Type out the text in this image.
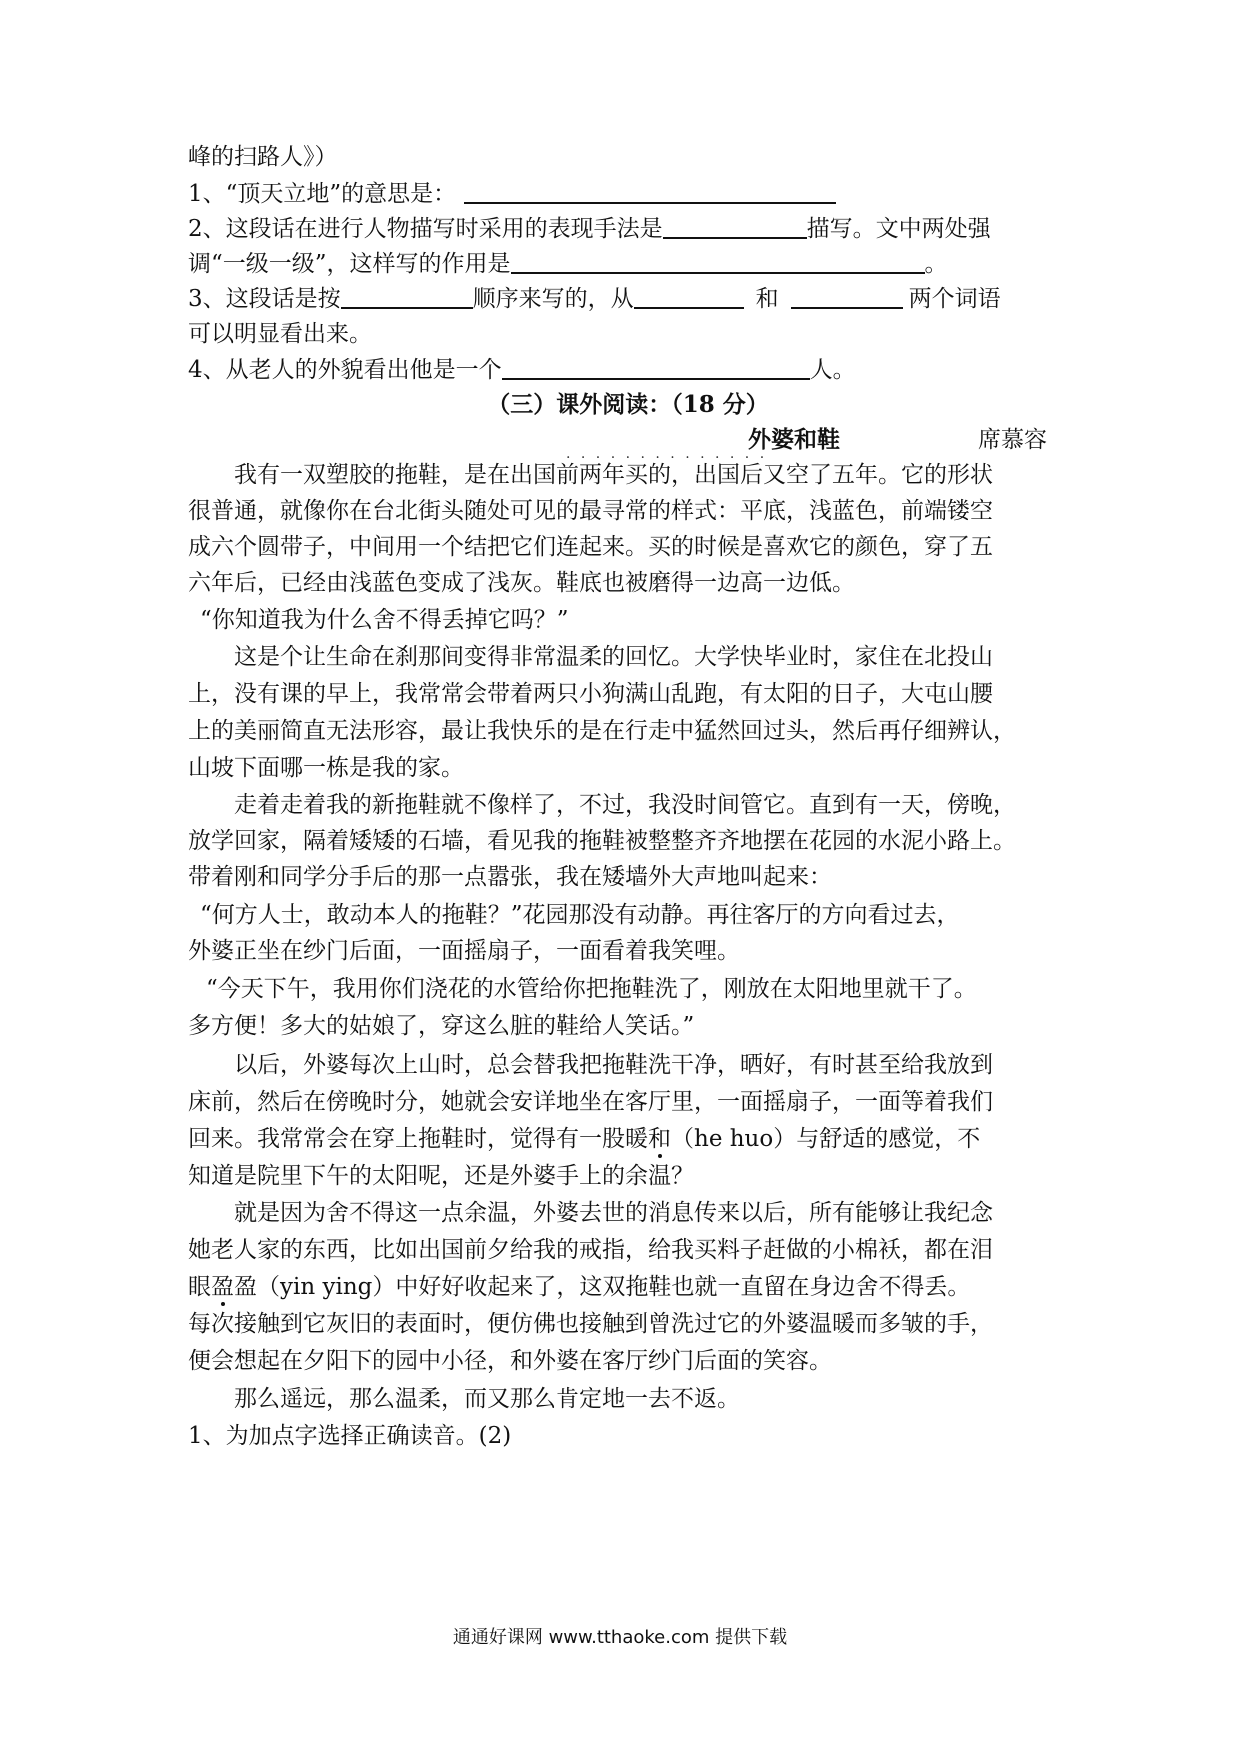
峰的扫路人》）
1、“顶天立地”的意思是：
2、这段话在进行人物描写时采用的表现手法是	描写。文中两处强
调“一级一级”，这样写的作用是	。
3、这段话是按	顺序来写的，从	和	两个词语
可以明显看出来。
4、从老人的外貌看出他是一个	人。
（三）课外阅读：（18 分）
. . . . . . . . . . . . . .
外婆和鞋	席慕容
我有一双塑胶的拖鞋，是在出国前两年买的，出国后又空了五年。它的形状
很普通，就像你在台北街头随处可见的最寻常的样式：平底，浅蓝色，前端镂空
成六个圆带子，中间用一个结把它们连起来。买的时候是喜欢它的颜色，穿了五
六年后，已经由浅蓝色变成了浅灰。鞋底也被磨得一边高一边低。
“你知道我为什么舍不得丢掉它吗？”
这是个让生命在刹那间变得非常温柔的回忆。大学快毕业时，家住在北投山
上，没有课的早上，我常常会带着两只小狗满山乱跑，有太阳的日子，大屯山腰
上的美丽简直无法形容，最让我快乐的是在行走中猛然回过头，然后再仔细辨认，
山坡下面哪一栋是我的家。
走着走着我的新拖鞋就不像样了，不过，我没时间管它。直到有一天，傍晚，
放学回家，隔着矮矮的石墙，看见我的拖鞋被整整齐齐地摆在花园的水泥小路上。
带着刚和同学分手后的那一点嚣张，我在矮墙外大声地叫起来：
“何方人士，敢动本人的拖鞋？”花园那没有动静。再往客厅的方向看过去，
外婆正坐在纱门后面，一面摇扇子，一面看着我笑哩。
“今天下午，我用你们浇花的水管给你把拖鞋洗了，刚放在太阳地里就干了。
多方便！多大的姑娘了，穿这么脏的鞋给人笑话。”
以后，外婆每次上山时，总会替我把拖鞋洗干净，晒好，有时甚至给我放到
床前，然后在傍晚时分，她就会安详地坐在客厅里，一面摇扇子，一面等着我们
回来。我常常会在穿上拖鞋时，觉得有一股暖和（he huo）与舒适的感觉，不
知道是院里下午的太阳呢，还是外婆手上的余温？
就是因为舍不得这一点余温，外婆去世的消息传来以后，所有能够让我纪念
她老人家的东西，比如出国前夕给我的戒指，给我买料子赶做的小棉袄，都在泪
眼盈盈（yin ying）中好好收起来了，这双拖鞋也就一直留在身边舍不得丢。
每次接触到它灰旧的表面时，便仿佛也接触到曾洗过它的外婆温暖而多皱的手，
便会想起在夕阳下的园中小径，和外婆在客厅纱门后面的笑容。
那么遥远，那么温柔，而又那么肯定地一去不返。
1、为加点字选择正确读音。(2)
通通好课网 www.tthaoke.com 提供下载
